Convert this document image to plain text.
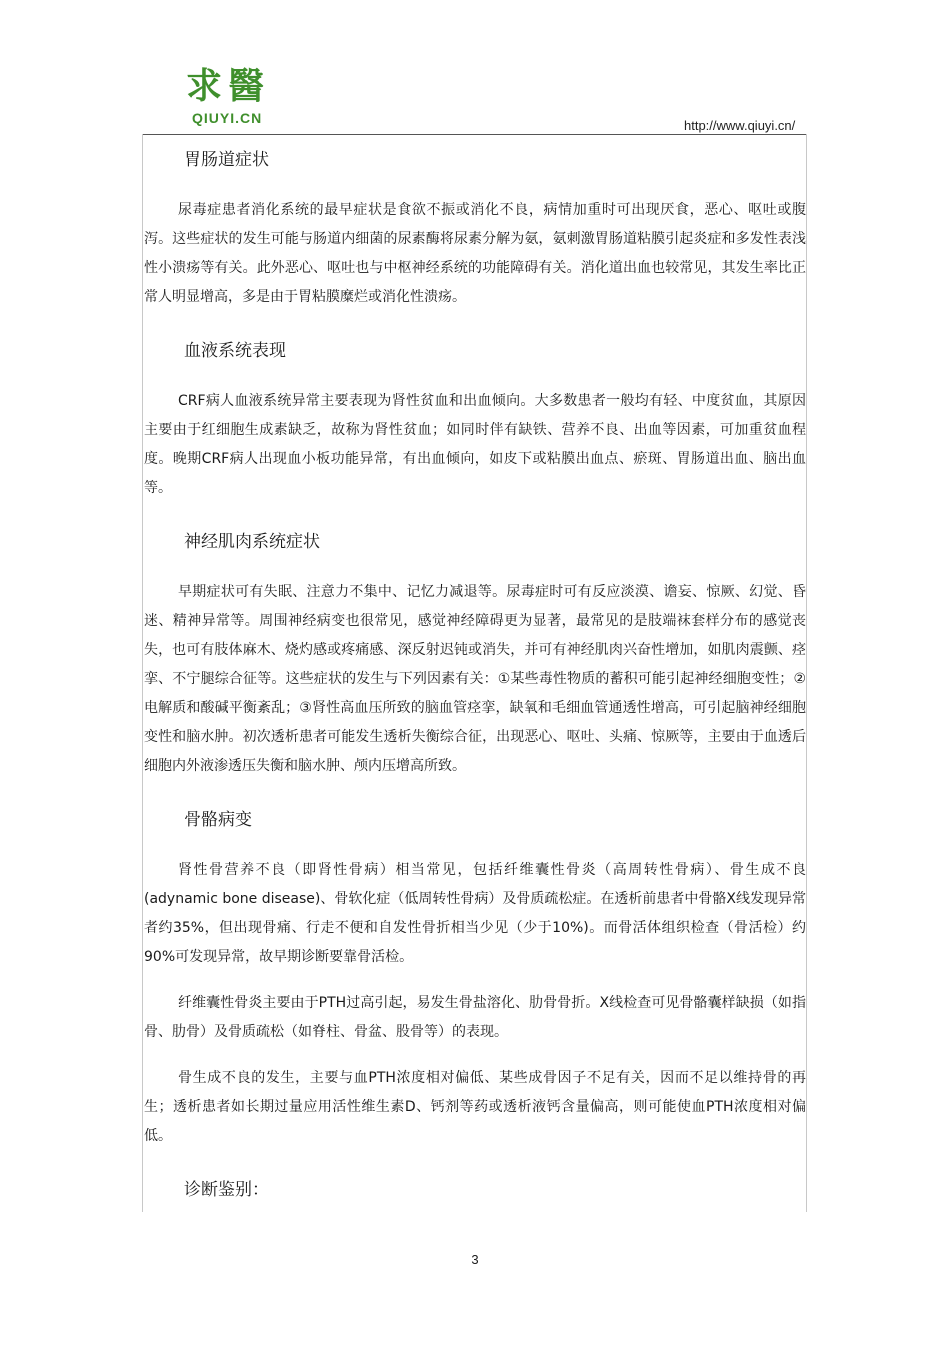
求醫
QIUYI.CN	http://www.qiuyi.cn/
胃肠道症状

尿毒症患者消化系统的最早症状是食欲不振或消化不良，病情加重时可出现厌食，恶心、呕吐或腹泻。这些症状的发生可能与肠道内细菌的尿素酶将尿素分解为氨，氨刺激胃肠道粘膜引起炎症和多发性表浅性小溃疡等有关。此外恶心、呕吐也与中枢神经系统的功能障碍有关。消化道出血也较常见，其发生率比正常人明显增高，多是由于胃粘膜糜烂或消化性溃疡。

血液系统表现

CRF病人血液系统异常主要表现为肾性贫血和出血倾向。大多数患者一般均有轻、中度贫血，其原因主要由于红细胞生成素缺乏，故称为肾性贫血；如同时伴有缺铁、营养不良、出血等因素，可加重贫血程度。晚期CRF病人出现血小板功能异常，有出血倾向，如皮下或粘膜出血点、瘀斑、胃肠道出血、脑出血等。

神经肌肉系统症状

早期症状可有失眠、注意力不集中、记忆力减退等。尿毒症时可有反应淡漠、谵妄、惊厥、幻觉、昏迷、精神异常等。周围神经病变也很常见，感觉神经障碍更为显著，最常见的是肢端袜套样分布的感觉丧失，也可有肢体麻木、烧灼感或疼痛感、深反射迟钝或消失，并可有神经肌肉兴奋性增加，如肌肉震颤、痉挛、不宁腿综合征等。这些症状的发生与下列因素有关：①某些毒性物质的蓄积可能引起神经细胞变性；②电解质和酸碱平衡紊乱；③肾性高血压所致的脑血管痉挛，缺氧和毛细血管通透性增高，可引起脑神经细胞变性和脑水肿。初次透析患者可能发生透析失衡综合征，出现恶心、呕吐、头痛、惊厥等，主要由于血透后细胞内外液渗透压失衡和脑水肿、颅内压增高所致。

骨骼病变

肾性骨营养不良（即肾性骨病）相当常见，包括纤维囊性骨炎（高周转性骨病）、骨生成不良(adynamic bone disease)、骨软化症（低周转性骨病）及骨质疏松症。在透析前患者中骨骼X线发现异常者约35%，但出现骨痛、行走不便和自发性骨折相当少见（少于10%)。而骨活体组织检查（骨活检）约90%可发现异常，故早期诊断要靠骨活检。

纤维囊性骨炎主要由于PTH过高引起，易发生骨盐溶化、肋骨骨折。X线检查可见骨骼囊样缺损（如指骨、肋骨）及骨质疏松（如脊柱、骨盆、股骨等）的表现。

骨生成不良的发生，主要与血PTH浓度相对偏低、某些成骨因子不足有关，因而不足以维持骨的再生；透析患者如长期过量应用活性维生素D、钙剂等药或透析液钙含量偏高，则可能使血PTH浓度相对偏低。

诊断鉴别：
3
